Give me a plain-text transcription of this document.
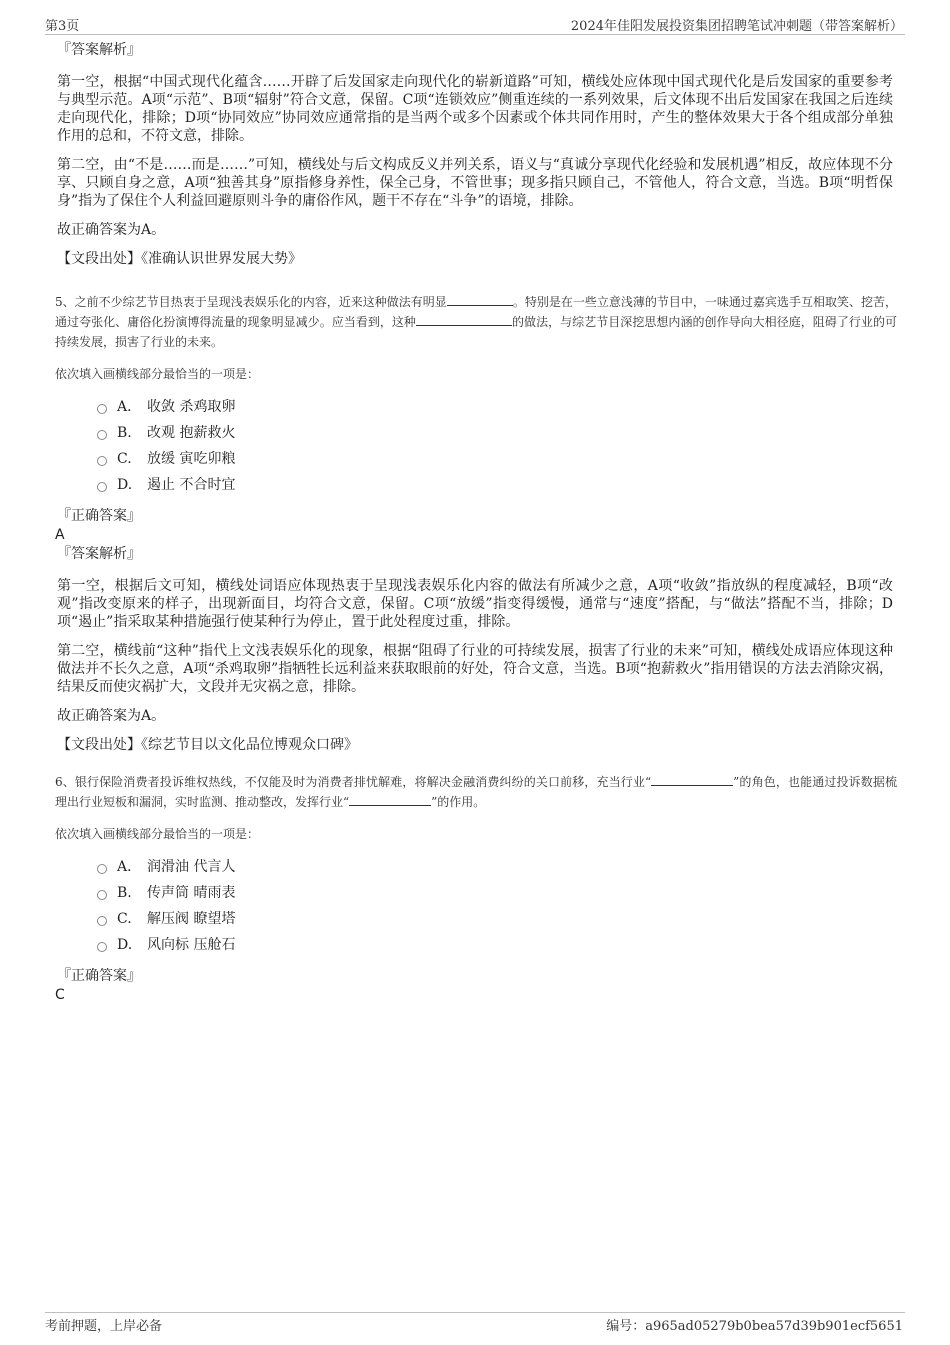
第3页	2024年佳阳发展投资集团招聘笔试冲刺题（带答案解析）
『答案解析』
第一空，根据“中国式现代化蕴含……开辟了后发国家走向现代化的崭新道路”可知，横线处应体现中国式现代化是后发国家的重要参考与典型示范。A项“示范”、B项“辐射”符合文意，保留。C项“连锁效应”侧重连续的一系列效果，后文体现不出后发国家在我国之后连续走向现代化，排除；D项“协同效应”协同效应通常指的是当两个或多个因素或个体共同作用时，产生的整体效果大于各个组成部分单独作用的总和，不符文意，排除。
第二空，由“不是……而是……”可知，横线处与后文构成反义并列关系，语义与“真诚分享现代化经验和发展机遇”相反，故应体现不分享、只顾自身之意，A项“独善其身”原指修身养性，保全己身，不管世事；现多指只顾自己，不管他人，符合文意，当选。B项“明哲保身”指为了保住个人利益回避原则斗争的庸俗作风，题干不存在“斗争”的语境，排除。
故正确答案为A。
【文段出处】《准确认识世界发展大势》
5、之前不少综艺节目热衷于呈现浅表娱乐化的内容，近来这种做法有明显	。特别是在一些立意浅薄的节目中，一味通过嘉宾选手互相取笑、挖苦，通过夸张化、庸俗化扮演博得流量的现象明显减少。应当看到，这种	的做法，与综艺节目深挖思想内涵的创作导向大相径庭，阻碍了行业的可持续发展，损害了行业的未来。
依次填入画横线部分最恰当的一项是：
A． 收敛 杀鸡取卵
B.	改观 抱薪救火
C.	放缓 寅吃卯粮
D.	遏止 不合时宜
『正确答案』
A
『答案解析』
第一空，根据后文可知，横线处词语应体现热衷于呈现浅表娱乐化内容的做法有所减少之意，A项“收敛”指放纵的程度减轻，B项“改观”指改变原来的样子，出现新面目，均符合文意，保留。C项“放缓”指变得缓慢，通常与“速度”搭配，与“做法”搭配不当，排除；D项“遏止”指采取某种措施强行使某种行为停止，置于此处程度过重，排除。
第二空，横线前“这种”指代上文浅表娱乐化的现象，根据“阻碍了行业的可持续发展，损害了行业的未来”可知，横线处成语应体现这种做法并不长久之意，A项“杀鸡取卵”指牺牲长远利益来获取眼前的好处，符合文意，当选。B项“抱薪救火”指用错误的方法去消除灾祸，结果反而使灾祸扩大，文段并无灾祸之意，排除。
故正确答案为A。
【文段出处】《综艺节目以文化品位博观众口碑》
6、银行保险消费者投诉维权热线，不仅能及时为消费者排忧解难，将解决金融消费纠纷的关口前移，充当行业“	”的角色，也能通过投诉数据梳理出行业短板和漏洞，实时监测、推动整改，发挥行业“	”的作用。
依次填入画横线部分最恰当的一项是：
A． 润滑油 代言人
B.	传声筒 晴雨表
C.	解压阀 瞭望塔
D.	风向标 压舱石
『正确答案』
C
考前押题，上岸必备	编号：a965ad05279b0bea57d39b901ecf5651
